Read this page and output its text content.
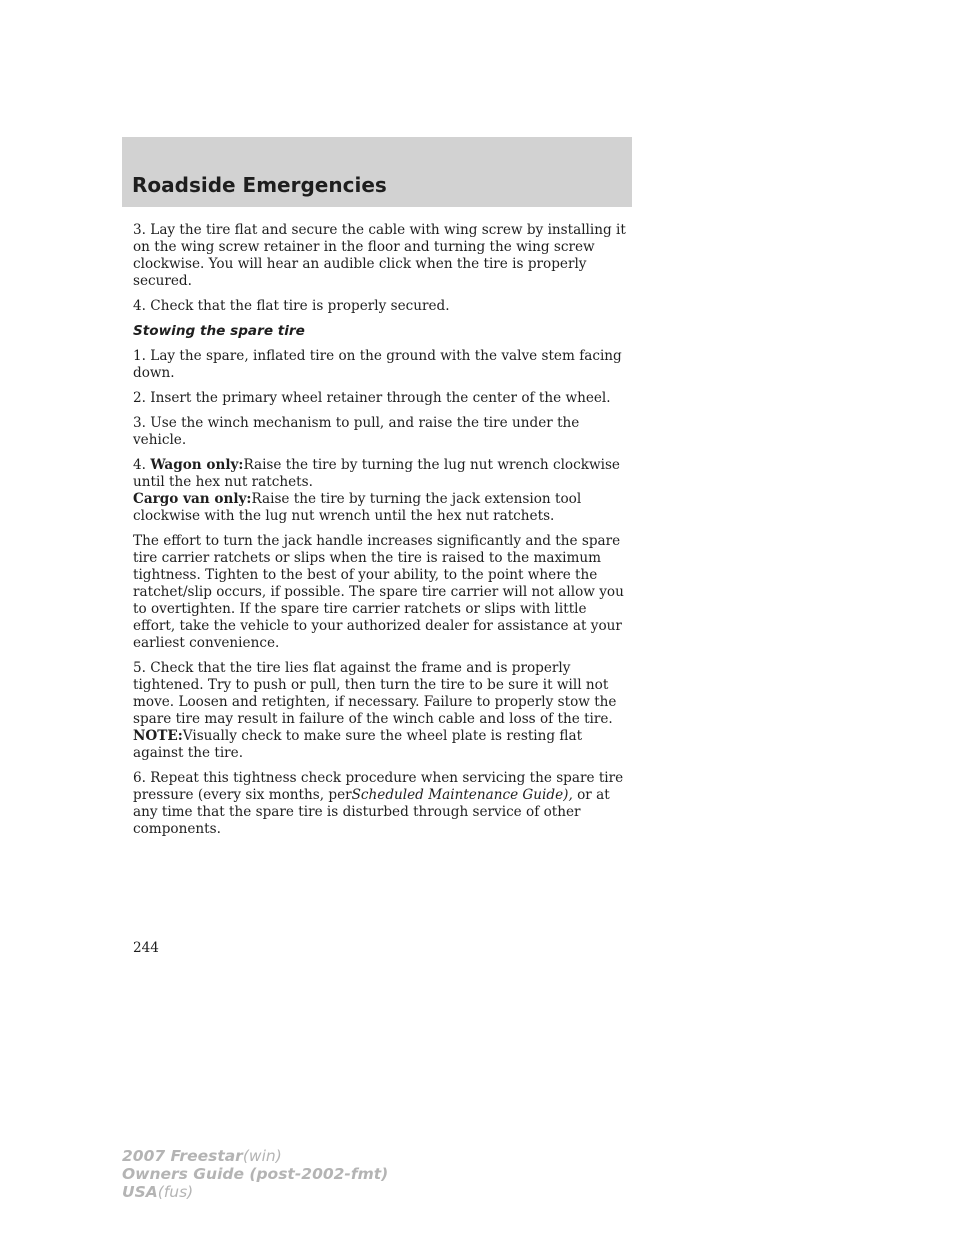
Roadside Emergencies

3. Lay the tire flat and secure the cable with wing screw by installing it on the wing screw retainer in the floor and turning the wing screw clockwise. You will hear an audible click when the tire is properly secured.

4. Check that the flat tire is properly secured.

Stowing the spare tire

1. Lay the spare, inflated tire on the ground with the valve stem facing down.

2. Insert the primary wheel retainer through the center of the wheel.

3. Use the winch mechanism to pull, and raise the tire under the vehicle.

4. Wagon only:Raise the tire by turning the lug nut wrench clockwise until the hex nut ratchets.

Cargo van only:Raise the tire by turning the jack extension tool clockwise with the lug nut wrench until the hex nut ratchets.

The effort to turn the jack handle increases significantly and the spare tire carrier ratchets or slips when the tire is raised to the maximum tightness. Tighten to the best of your ability, to the point where the ratchet/slip occurs, if possible. The spare tire carrier will not allow you to overtighten. If the spare tire carrier ratchets or slips with little effort, take the vehicle to your authorized dealer for assistance at your earliest convenience.

5. Check that the tire lies flat against the frame and is properly tightened. Try to push or pull, then turn the tire to be sure it will not move. Loosen and retighten, if necessary. Failure to properly stow the spare tire may result in failure of the winch cable and loss of the tire.

NOTE:Visually check to make sure the wheel plate is resting flat against the tire.

6. Repeat this tightness check procedure when servicing the spare tire pressure (every six months, perScheduled Maintenance Guide), or at any time that the spare tire is disturbed through service of other components.

244
2007 Freestar(win)
Owners Guide (post-2002-fmt)
USA(fus)
